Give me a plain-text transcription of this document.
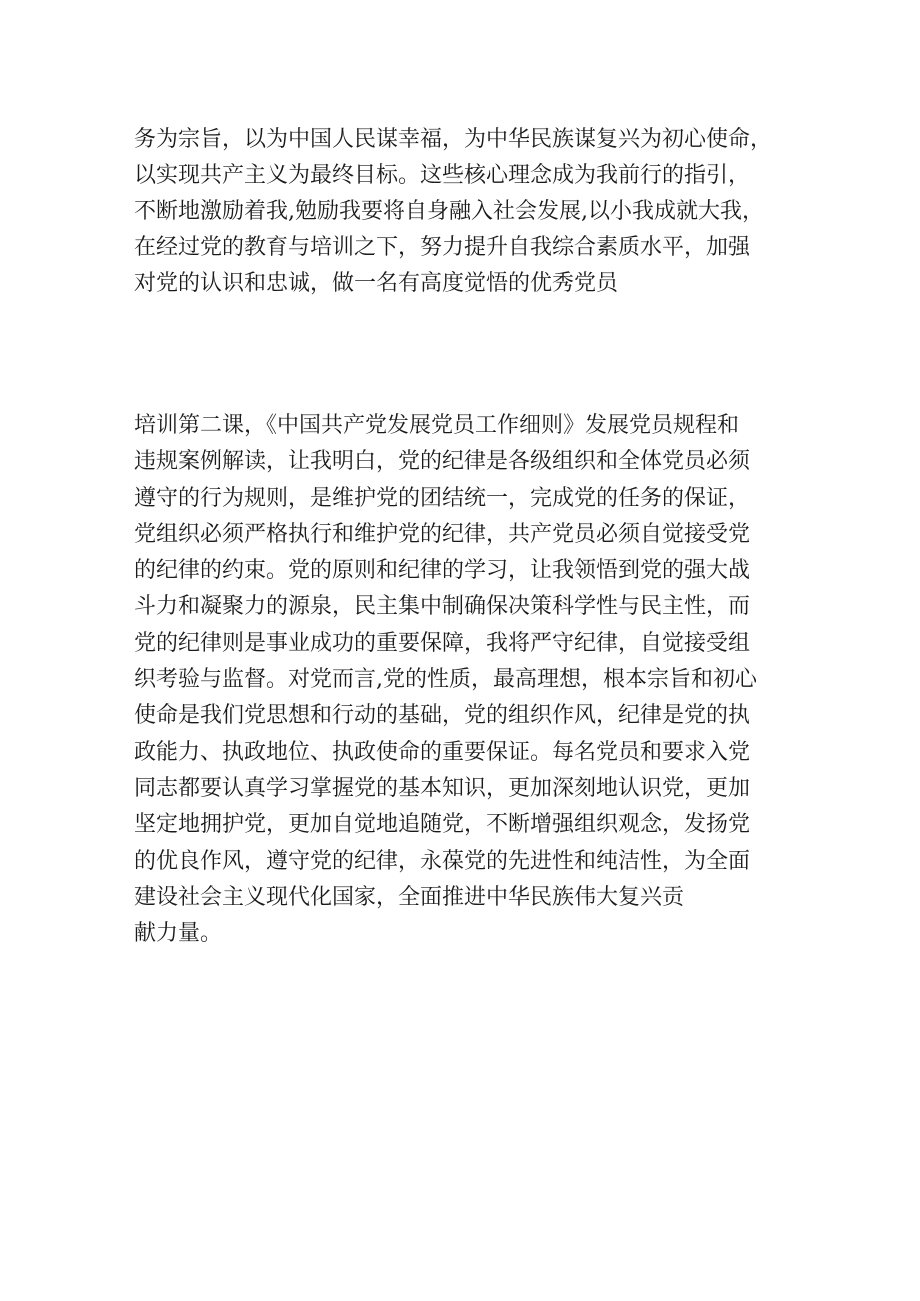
务为宗旨，以为中国人民谋幸福，为中华民族谋复兴为初心使命，
以实现共产主义为最终目标。这些核心理念成为我前行的指引，
不断地激励着我,勉励我要将自身融入社会发展,以小我成就大我，
在经过党的教育与培训之下，努力提升自我综合素质水平，加强
对党的认识和忠诚，做一名有高度觉悟的优秀党员
培训第二课，《中国共产党发展党员工作细则》发展党员规程和
违规案例解读，让我明白，党的纪律是各级组织和全体党员必须
遵守的行为规则，是维护党的团结统一，完成党的任务的保证，
党组织必须严格执行和维护党的纪律，共产党员必须自觉接受党
的纪律的约束。党的原则和纪律的学习，让我领悟到党的强大战
斗力和凝聚力的源泉，民主集中制确保决策科学性与民主性，而
党的纪律则是事业成功的重要保障，我将严守纪律，自觉接受组
织考验与监督。对党而言,党的性质，最高理想，根本宗旨和初心
使命是我们党思想和行动的基础，党的组织作风，纪律是党的执
政能力、执政地位、执政使命的重要保证。每名党员和要求入党
同志都要认真学习掌握党的基本知识，更加深刻地认识党，更加
坚定地拥护党，更加自觉地追随党，不断增强组织观念，发扬党
的优良作风，遵守党的纪律，永葆党的先进性和纯洁性，为全面
建设社会主义现代化国家，全面推进中华民族伟大复兴贡
献力量。
